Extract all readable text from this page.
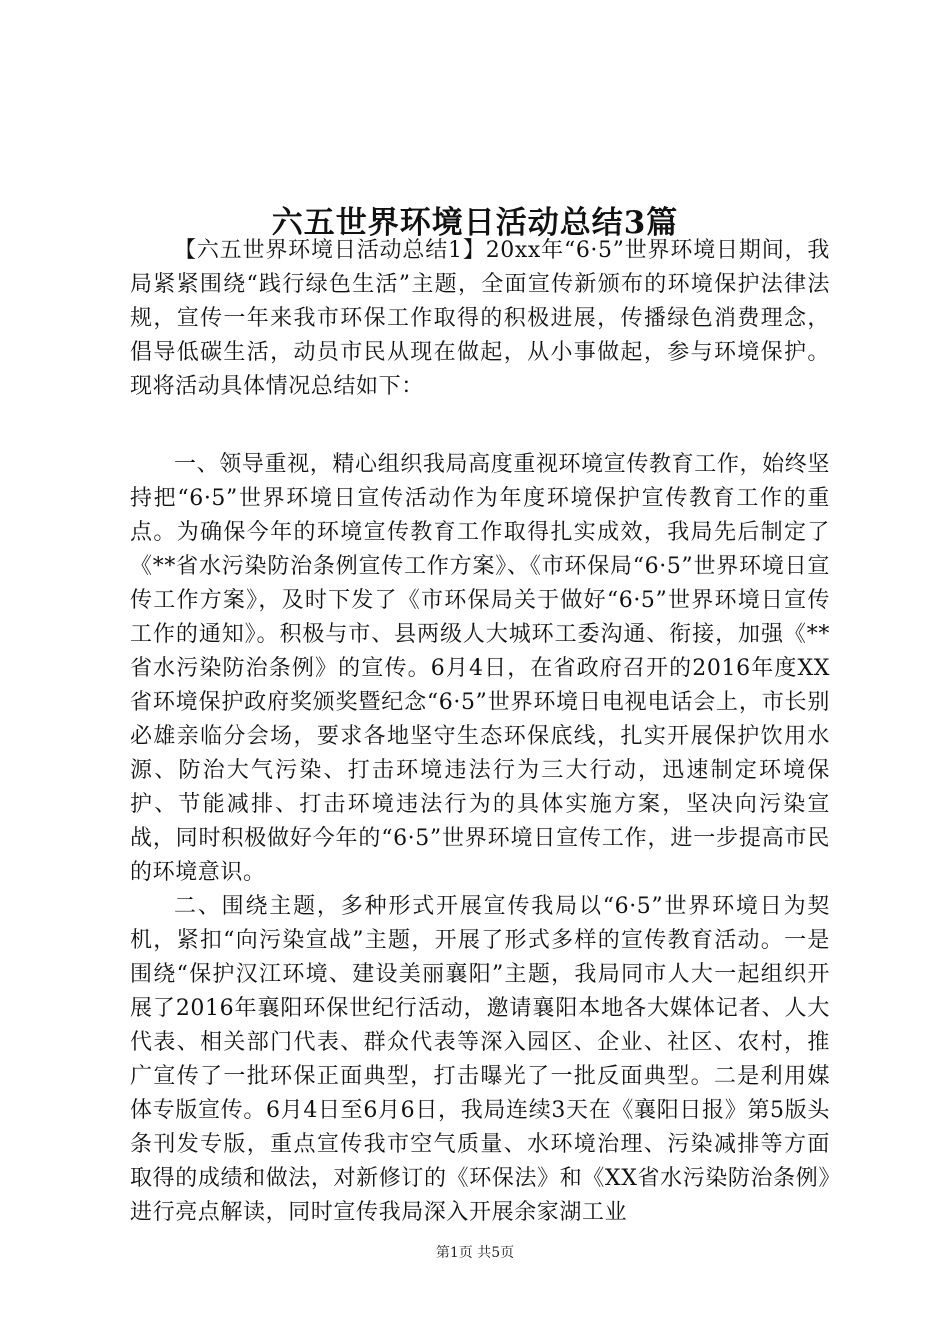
六五世界环境日活动总结3篇

【六五世界环境日活动总结1】20xx年“6·5”世界环境日期间，我局紧紧围绕“践行绿色生活”主题，全面宣传新颁布的环境保护法律法规，宣传一年来我市环保工作取得的积极进展，传播绿色消费理念，倡导低碳生活，动员市民从现在做起，从小事做起，参与环境保护。现将活动具体情况总结如下：

一、领导重视，精心组织我局高度重视环境宣传教育工作，始终坚持把“6·5”世界环境日宣传活动作为年度环境保护宣传教育工作的重点。为确保今年的环境宣传教育工作取得扎实成效，我局先后制定了《**省水污染防治条例宣传工作方案》、《市环保局“6·5”世界环境日宣传工作方案》，及时下发了《市环保局关于做好“6·5”世界环境日宣传工作的通知》。积极与市、县两级人大城环工委沟通、衔接，加强《**省水污染防治条例》的宣传。6月4日，在省政府召开的2016年度XX省环境保护政府奖颁奖暨纪念“6·5”世界环境日电视电话会上，市长别必雄亲临分会场，要求各地坚守生态环保底线，扎实开展保护饮用水源、防治大气污染、打击环境违法行为三大行动，迅速制定环境保护、节能减排、打击环境违法行为的具体实施方案，坚决向污染宣战，同时积极做好今年的“6·5”世界环境日宣传工作，进一步提高市民的环境意识。

二、围绕主题，多种形式开展宣传我局以“6·5”世界环境日为契机，紧扣“向污染宣战”主题，开展了形式多样的宣传教育活动。一是围绕“保护汉江环境、建设美丽襄阳”主题，我局同市人大一起组织开展了2016年襄阳环保世纪行活动，邀请襄阳本地各大媒体记者、人大代表、相关部门代表、群众代表等深入园区、企业、社区、农村，推广宣传了一批环保正面典型，打击曝光了一批反面典型。二是利用媒体专版宣传。6月4日至6月6日，我局连续3天在《襄阳日报》第5版头条刊发专版，重点宣传我市空气质量、水环境治理、污染减排等方面取得的成绩和做法，对新修订的《环保法》和《XX省水污染防治条例》进行亮点解读，同时宣传我局深入开展余家湖工业

第1页 共5页
